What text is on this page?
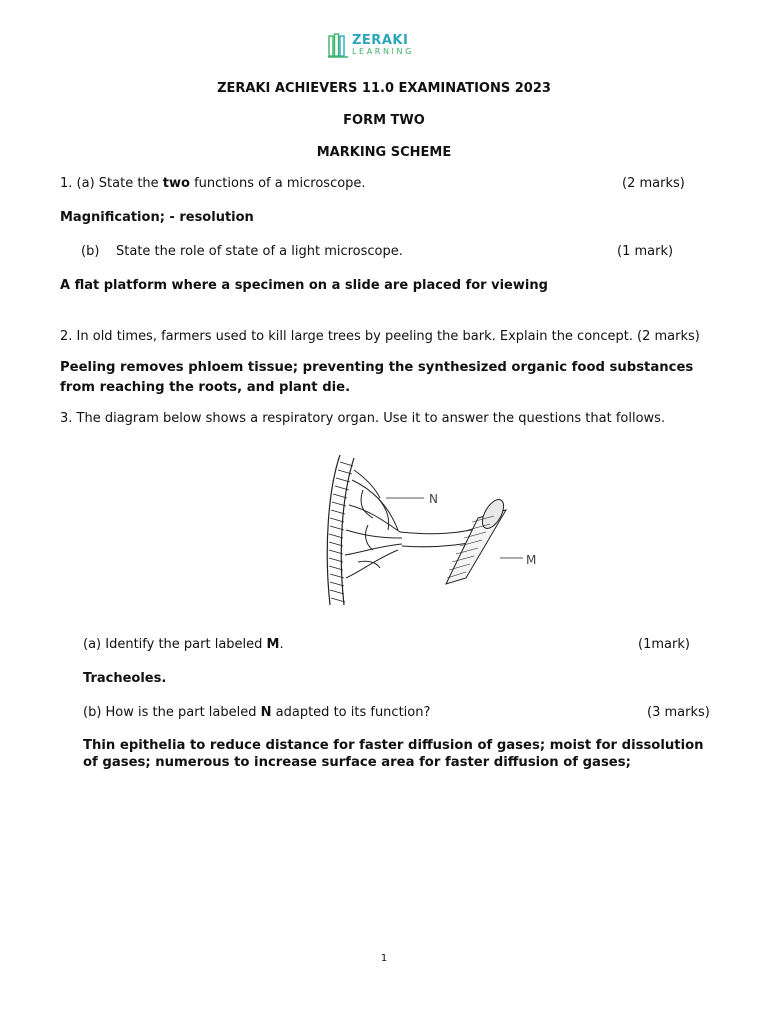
ZERAKI
LEARNING
ZERAKI ACHIEVERS 11.0 EXAMINATIONS 2023
FORM TWO
MARKING SCHEME
1. (a) State the two functions of a microscope.	(2 marks)
Magnification; - resolution
(b) State the role of state of a light microscope.	(1 mark)
A flat platform where a specimen on a slide are placed for viewing
2. In old times, farmers used to kill large trees by peeling the bark. Explain the concept. (2 marks)
Peeling removes phloem tissue; preventing the synthesized organic food substances from reaching the roots, and plant die.
3. The diagram below shows a respiratory organ. Use it to answer the questions that follows.
N
M
(a) Identify the part labeled M.	(1mark)
Tracheoles.
(b) How is the part labeled N adapted to its function?	(3 marks)
Thin epithelia to reduce distance for faster diffusion of gases; moist for dissolution of gases; numerous to increase surface area for faster diffusion of gases;
1
